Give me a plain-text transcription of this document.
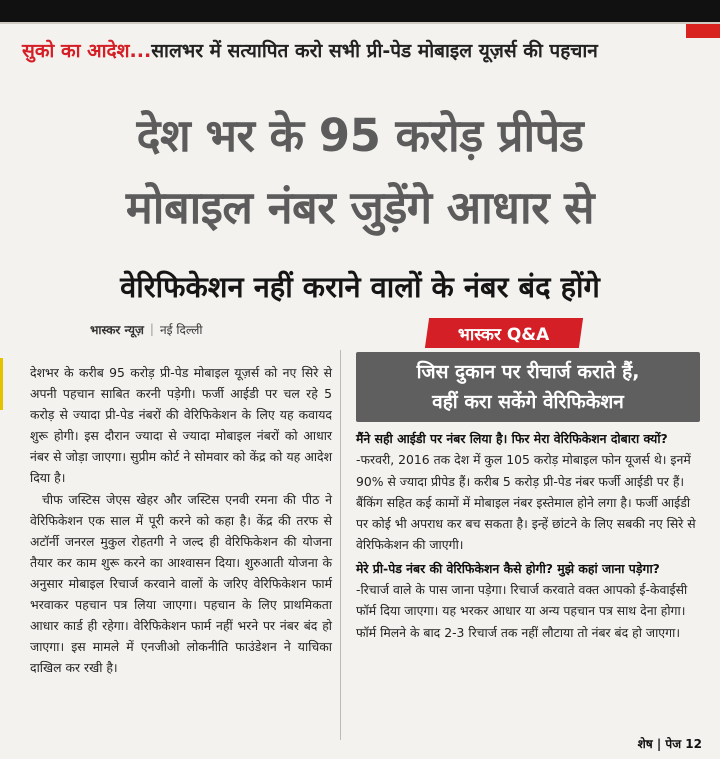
सुको का आदेश... सालभर में सत्यापित करो सभी प्री-पेड मोबाइल यूज़र्स की पहचान
देश भर के 95 करोड़ प्रीपेड
मोबाइल नंबर जुड़ेंगे आधार से
वेरिफिकेशन नहीं कराने वालों के नंबर बंद होंगे
भास्कर न्यूज़ | नई दिल्ली	भास्कर Q&A

देशभर के करीब 95 करोड़ प्री-पेड मोबाइल यूज़र्स को नए सिरे से अपनी पहचान साबित करनी पड़ेगी। फर्जी आईडी पर चल रहे 5 करोड़ से ज्यादा प्री-पेड नंबरों की वेरिफिकेशन के लिए यह कवायद शुरू होगी। इस दौरान ज्यादा से ज्यादा मोबाइल नंबरों को आधार नंबर से जोड़ा जाएगा। सुप्रीम कोर्ट ने सोमवार को केंद्र को यह आदेश दिया है।

चीफ जस्टिस जेएस खेहर और जस्टिस एनवी रमना की पीठ ने वेरिफिकेशन एक साल में पूरी करने को कहा है। केंद्र की तरफ से अटॉर्नी जनरल मुकुल रोहतगी ने जल्द ही वेरिफिकेशन की योजना तैयार कर काम शुरू करने का आश्वासन दिया। शुरुआती योजना के अनुसार मोबाइल रिचार्ज करवाने वालों के जरिए वेरिफिकेशन फार्म भरवाकर पहचान पत्र लिया जाएगा। पहचान के लिए प्राथमिकता आधार कार्ड ही रहेगा। वेरिफिकेशन फार्म नहीं भरने पर नंबर बंद हो जाएगा। इस मामले में एनजीओ लोकनीति फाउंडेशन ने याचिका दाखिल कर रखी है।

जिस दुकान पर रीचार्ज कराते हैं,
वहीं करा सकेंगे वेरिफिकेशन
मैंने सही आईडी पर नंबर लिया है। फिर मेरा वेरिफिकेशन दोबारा क्यों?
-फरवरी, 2016 तक देश में कुल 105 करोड़ मोबाइल फोन यूजर्स थे। इनमें 90% से ज्यादा प्रीपेड हैं। करीब 5 करोड़ प्री-पेड नंबर फर्जी आईडी पर हैं। बैंकिंग सहित कई कामों में मोबाइल नंबर इस्तेमाल होने लगा है। फर्जी आईडी पर कोई भी अपराध कर बच सकता है। इन्हें छांटने के लिए सबकी नए सिरे से वेरिफिकेशन की जाएगी।
मेरे प्री-पेड नंबर की वेरिफिकेशन कैसे होगी? मुझे कहां जाना पड़ेगा?
-रिचार्ज वाले के पास जाना पड़ेगा। रिचार्ज करवाते वक्त आपको ई-केवाईसी फॉर्म दिया जाएगा। यह भरकर आधार या अन्य पहचान पत्र साथ देना होगा। फॉर्म मिलने के बाद 2-3 रिचार्ज तक नहीं लौटाया तो नंबर बंद हो जाएगा।
शेष | पेज 12
